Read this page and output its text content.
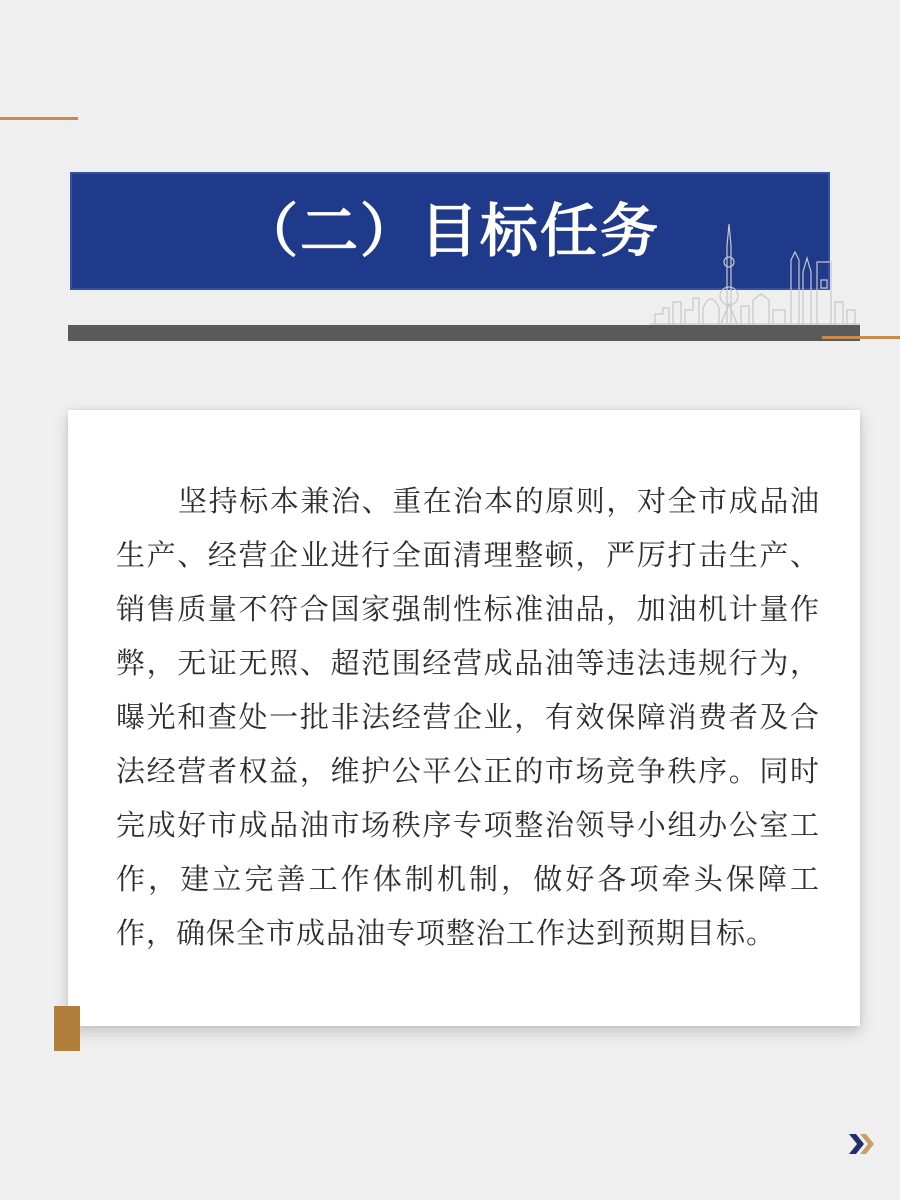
（二）目标任务

坚持标本兼治、重在治本的原则，对全市成品油生产、经营企业进行全面清理整顿，严厉打击生产、销售质量不符合国家强制性标准油品，加油机计量作弊，无证无照、超范围经营成品油等违法违规行为，曝光和查处一批非法经营企业，有效保障消费者及合法经营者权益，维护公平公正的市场竞争秩序。同时完成好市成品油市场秩序专项整治领导小组办公室工作，建立完善工作体制机制，做好各项牵头保障工作，确保全市成品油专项整治工作达到预期目标。
